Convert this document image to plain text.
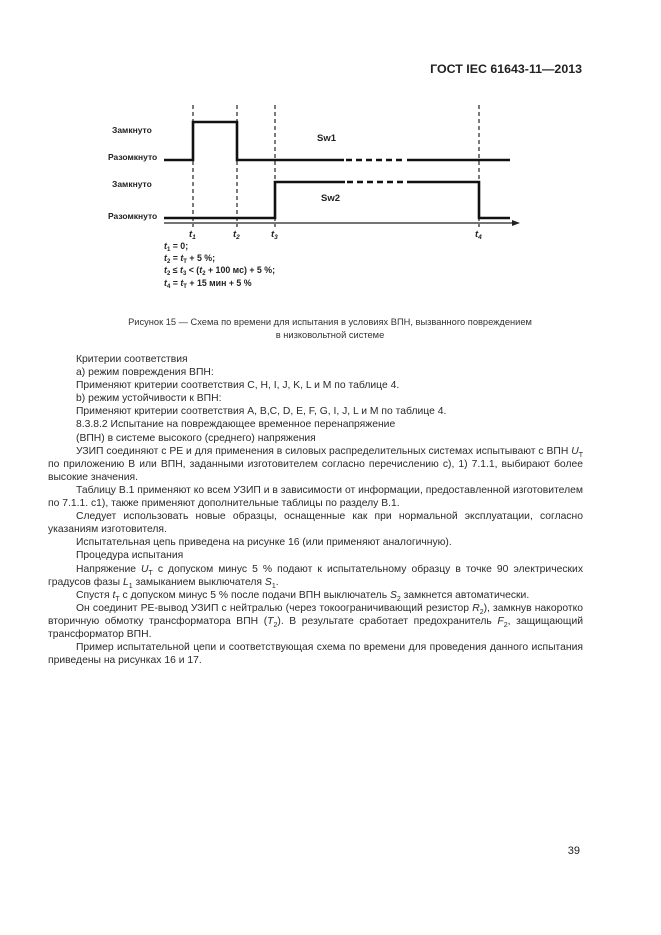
ГОСТ IEC 61643-11—2013
Замкнуто
Разомкнуто
Замкнуто
Разомкнуто
Sw1
Sw2
$t_1$	$t_2$	$t_3$	$t_4$
$t_1 = 0$;
$t_2 = t_T + 5$ %;
$t_2 \le t_3 < (t_2 + 100$ мс) + 5 %;
$t_4 = t_T + 15$ мин + 5 %
Рисунок 15 — Схема по времени для испытания в условиях ВПН, вызванного повреждением
в низковольтной системе

Критерии соответствия

a) режим повреждения ВПН:

Применяют критерии соответствия C, H, I, J, K, L и M по таблице 4.

b) режим устойчивости к ВПН:

Применяют критерии соответствия A, B,C, D, E, F, G, I, J, L и M по таблице 4.

8.3.8.2 Испытание на повреждающее временное перенапряжение

(ВПН) в системе высокого (среднего) напряжения

УЗИП соединяют с PE и для применения в силовых распределительных системах испытывают с ВПН $U_T$ по приложению B или ВПН, заданными изготовителем согласно перечислению c), 1) 7.1.1, выбирают более высокие значения.

Таблицу B.1 применяют ко всем УЗИП и в зависимости от информации, предоставленной изготовителем по 7.1.1. c1), также применяют дополнительные таблицы по разделу B.1.

Следует использовать новые образцы, оснащенные как при нормальной эксплуатации, согласно указаниям изготовителя.

Испытательная цепь приведена на рисунке 16 (или применяют аналогичную).

Процедура испытания

Напряжение $U_T$ с допуском минус 5 % подают к испытательному образцу в точке 90 электрических градусов фазы $L_1$ замыканием выключателя $S_1$.

Спустя $t_T$ с допуском минус 5 % после подачи ВПН выключатель $S_2$ замкнется автоматически.

Он соединит PE-вывод УЗИП с нейтралью (через токоограничивающий резистор $R_2$), замкнув накоротко вторичную обмотку трансформатора ВПН $(T_2)$. В результате сработает предохранитель $F_2$, защищающий трансформатор ВПН.

Пример испытательной цепи и соответствующая схема по времени для проведения данного испытания приведены на рисунках 16 и 17.

39
